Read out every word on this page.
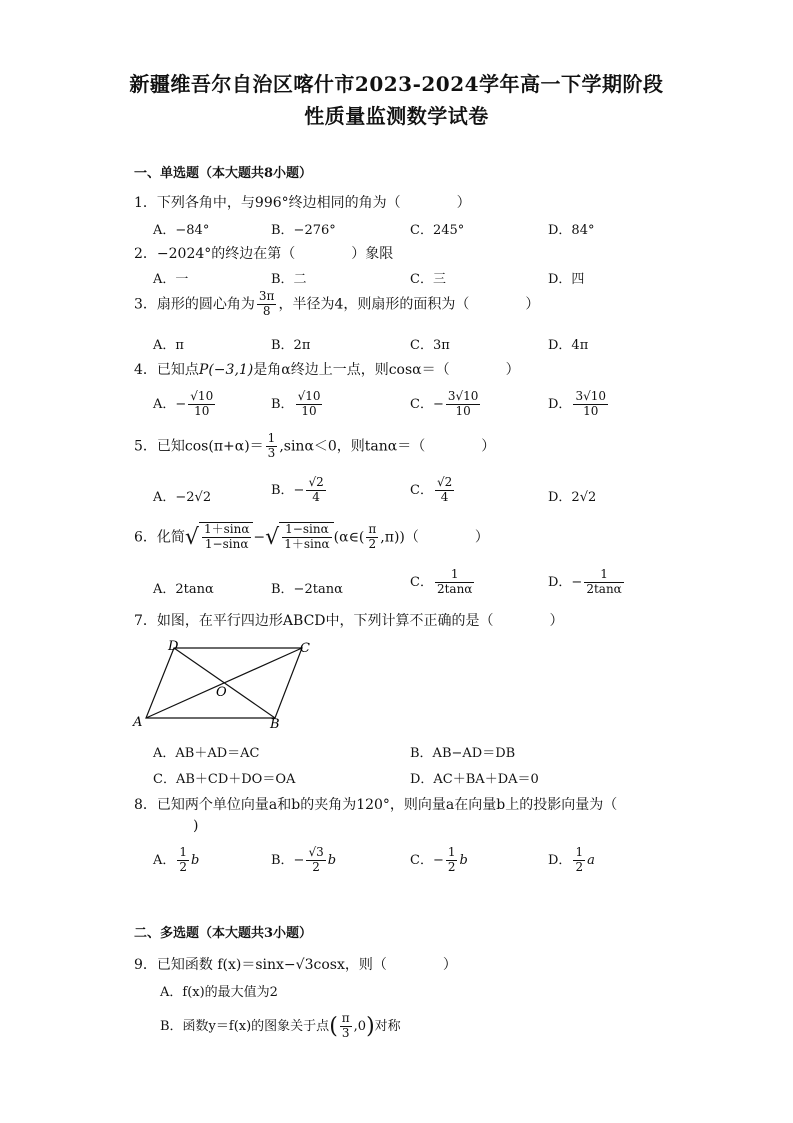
新疆维吾尔自治区喀什市2023-2024学年高一下学期阶段
性质量监测数学试卷
一、单选题（本大题共8小题）
1．下列各角中，与996°终边相同的角为（　　　　）
A．−84°	B．−276°	C．245°	D．84°
2．−2024°的终边在第（　　　　）象限
A．一	B．二	C．三	D．四
3．扇形的圆心角为 $\frac{3\pi}{8}$ ，半径为4，则扇形的面积为（　　　　）
A．π	B．2π	C．3π	D．4π
4．已知点P(−3,1)是角α终边上一点，则cosα＝（　　　　）
A．− $\frac{√10}{10}$	B． $\frac{√10}{10}$	C．− $\frac{3√10}{10}$	D． $\frac{3√10}{10}$
5．已知$\cos(\pi+\alpha)= \frac{1}{3} ,\sin\alpha<0$，则tanα＝（　　　　）
A．−2√2	B．− $\frac{√2}{4}$	C． $\frac{√2}{4}$	D．2√2
6．化简√ $\frac{1+\sin\alpha}{1-\sin\alpha}$ −√ $\frac{1-\sin\alpha}{1+\sin\alpha}$ (α∈( $\frac{\pi}{2} ,\pi$))（　　　　）
A．2tanα	B．−2tanα	C． $\frac{1}{2\tan\alpha}$	D．− $\frac{1}{2\tan\alpha}$
7．如图，在平行四边形ABCD中，下列计算不正确的是（　　　　）
A	B
C
D
O
A．AB＋AD＝AC	B．AB−AD＝DB
C．AB＋CD＋DO＝OA	D．AC＋BA＋DA＝0
8．已知两个单位向量a和b的夹角为120°，则向量a在向量b上的投影向量为（
)
A． $\frac{1}{2}$ b	B．− $\frac{√3}{2}$ b	C．− $\frac{1}{2}$ b	D． $\frac{1}{2}$ a
二、多选题（本大题共3小题）
9．已知函数 f(x)＝sinx−√3cosx，则（　　　　）
A．f(x)的最大值为2
B．函数y＝f(x)的图象关于点( $\frac{\pi}{3} ,0$)对称
